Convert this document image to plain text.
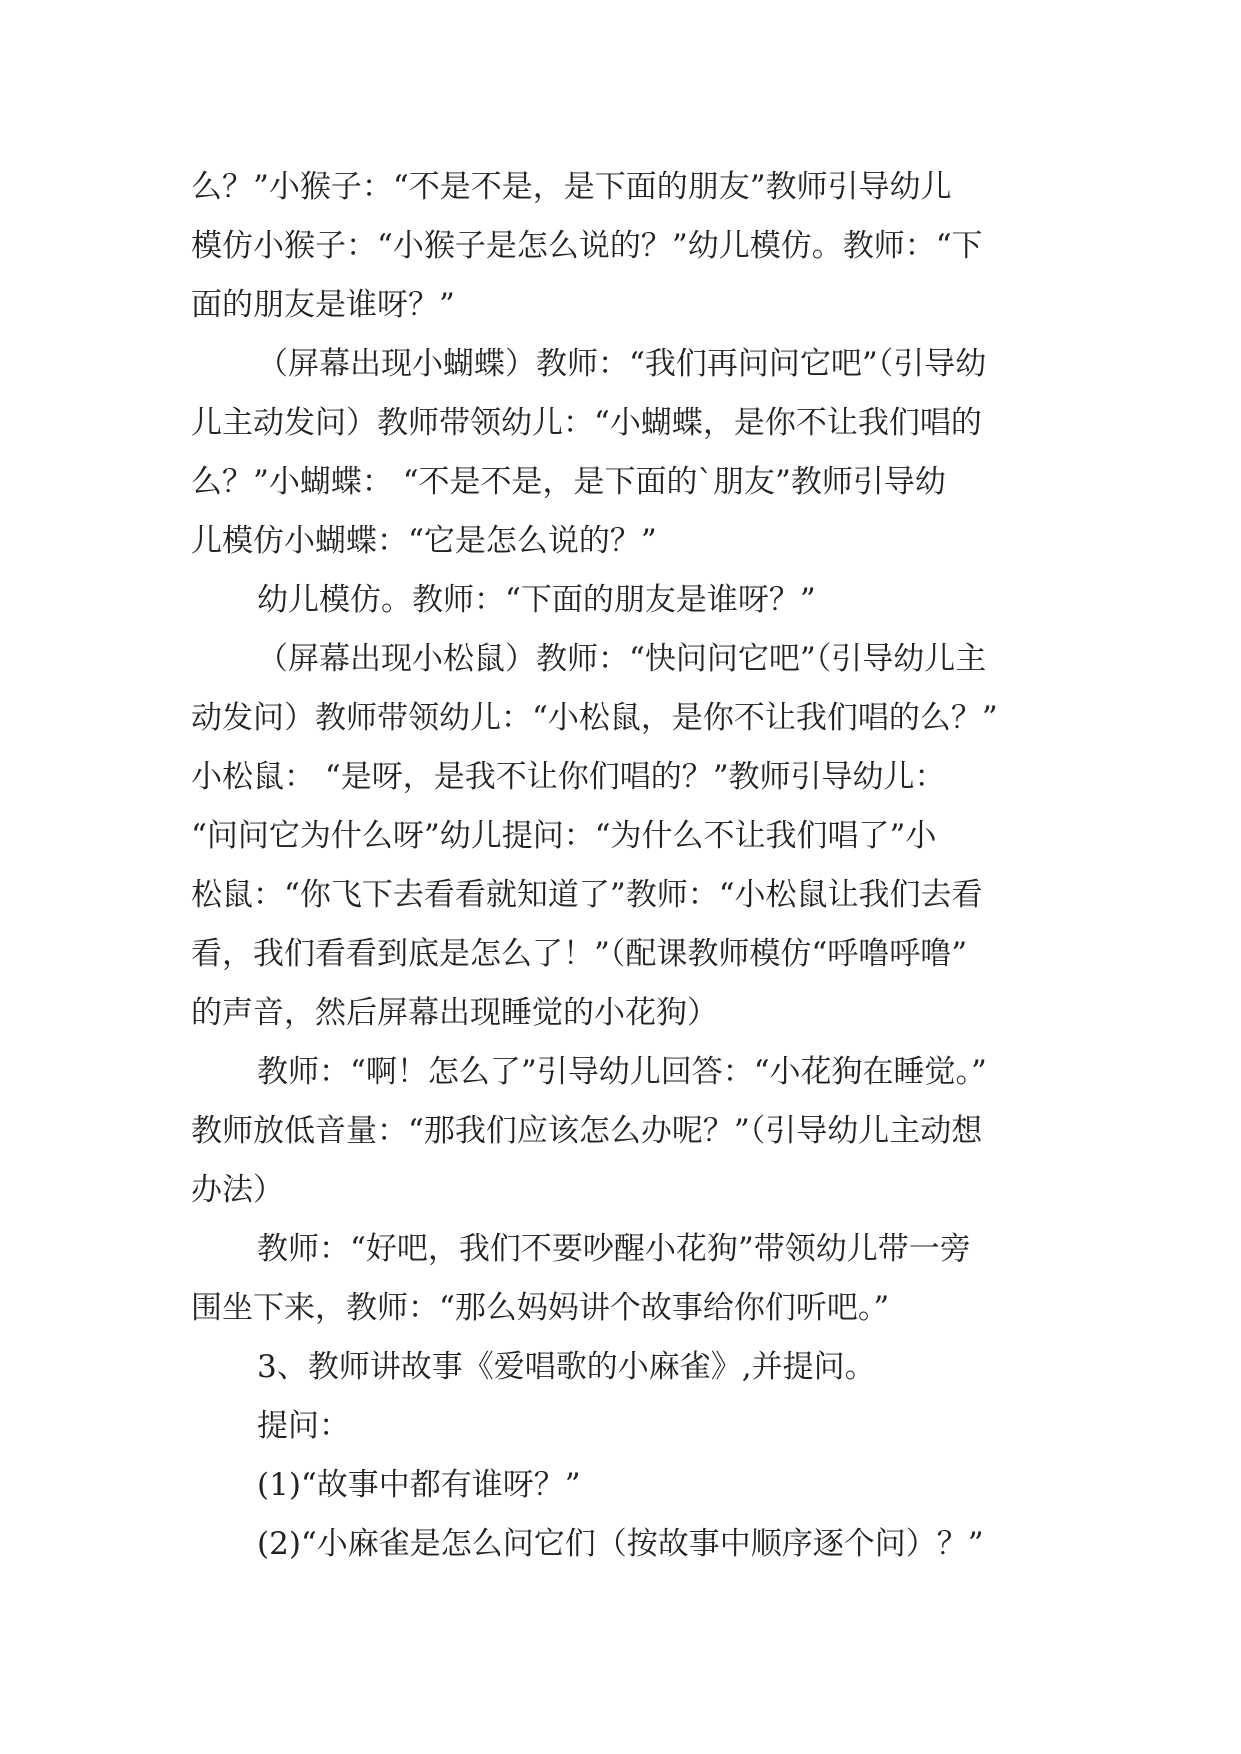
么？”小猴子：“不是不是，是下面的朋友”教师引导幼儿
模仿小猴子：“小猴子是怎么说的？”幼儿模仿。教师：“下
面的朋友是谁呀？”
（屏幕出现小蝴蝶）教师：“我们再问问它吧”（引导幼
儿主动发问）教师带领幼儿：“小蝴蝶，是你不让我们唱的
么？”小蝴蝶： “不是不是，是下面的`朋友”教师引导幼
儿模仿小蝴蝶：“它是怎么说的？”
幼儿模仿。教师：“下面的朋友是谁呀？”
（屏幕出现小松鼠）教师：“快问问它吧”（引导幼儿主
动发问）教师带领幼儿：“小松鼠，是你不让我们唱的么？”
小松鼠： “是呀，是我不让你们唱的？”教师引导幼儿：
“问问它为什么呀”幼儿提问：“为什么不让我们唱了”小
松鼠：“你飞下去看看就知道了”教师：“小松鼠让我们去看
看，我们看看到底是怎么了！”（配课教师模仿“呼噜呼噜”
的声音，然后屏幕出现睡觉的小花狗）
教师：“啊！怎么了”引导幼儿回答：“小花狗在睡觉。”
教师放低音量：“那我们应该怎么办呢？”（引导幼儿主动想
办法）
教师：“好吧，我们不要吵醒小花狗”带领幼儿带一旁
围坐下来，教师：“那么妈妈讲个故事给你们听吧。”
3、教师讲故事《爱唱歌的小麻雀》,并提问。
提问：
(1)“故事中都有谁呀？”
(2)“小麻雀是怎么问它们（按故事中顺序逐个问）？”
